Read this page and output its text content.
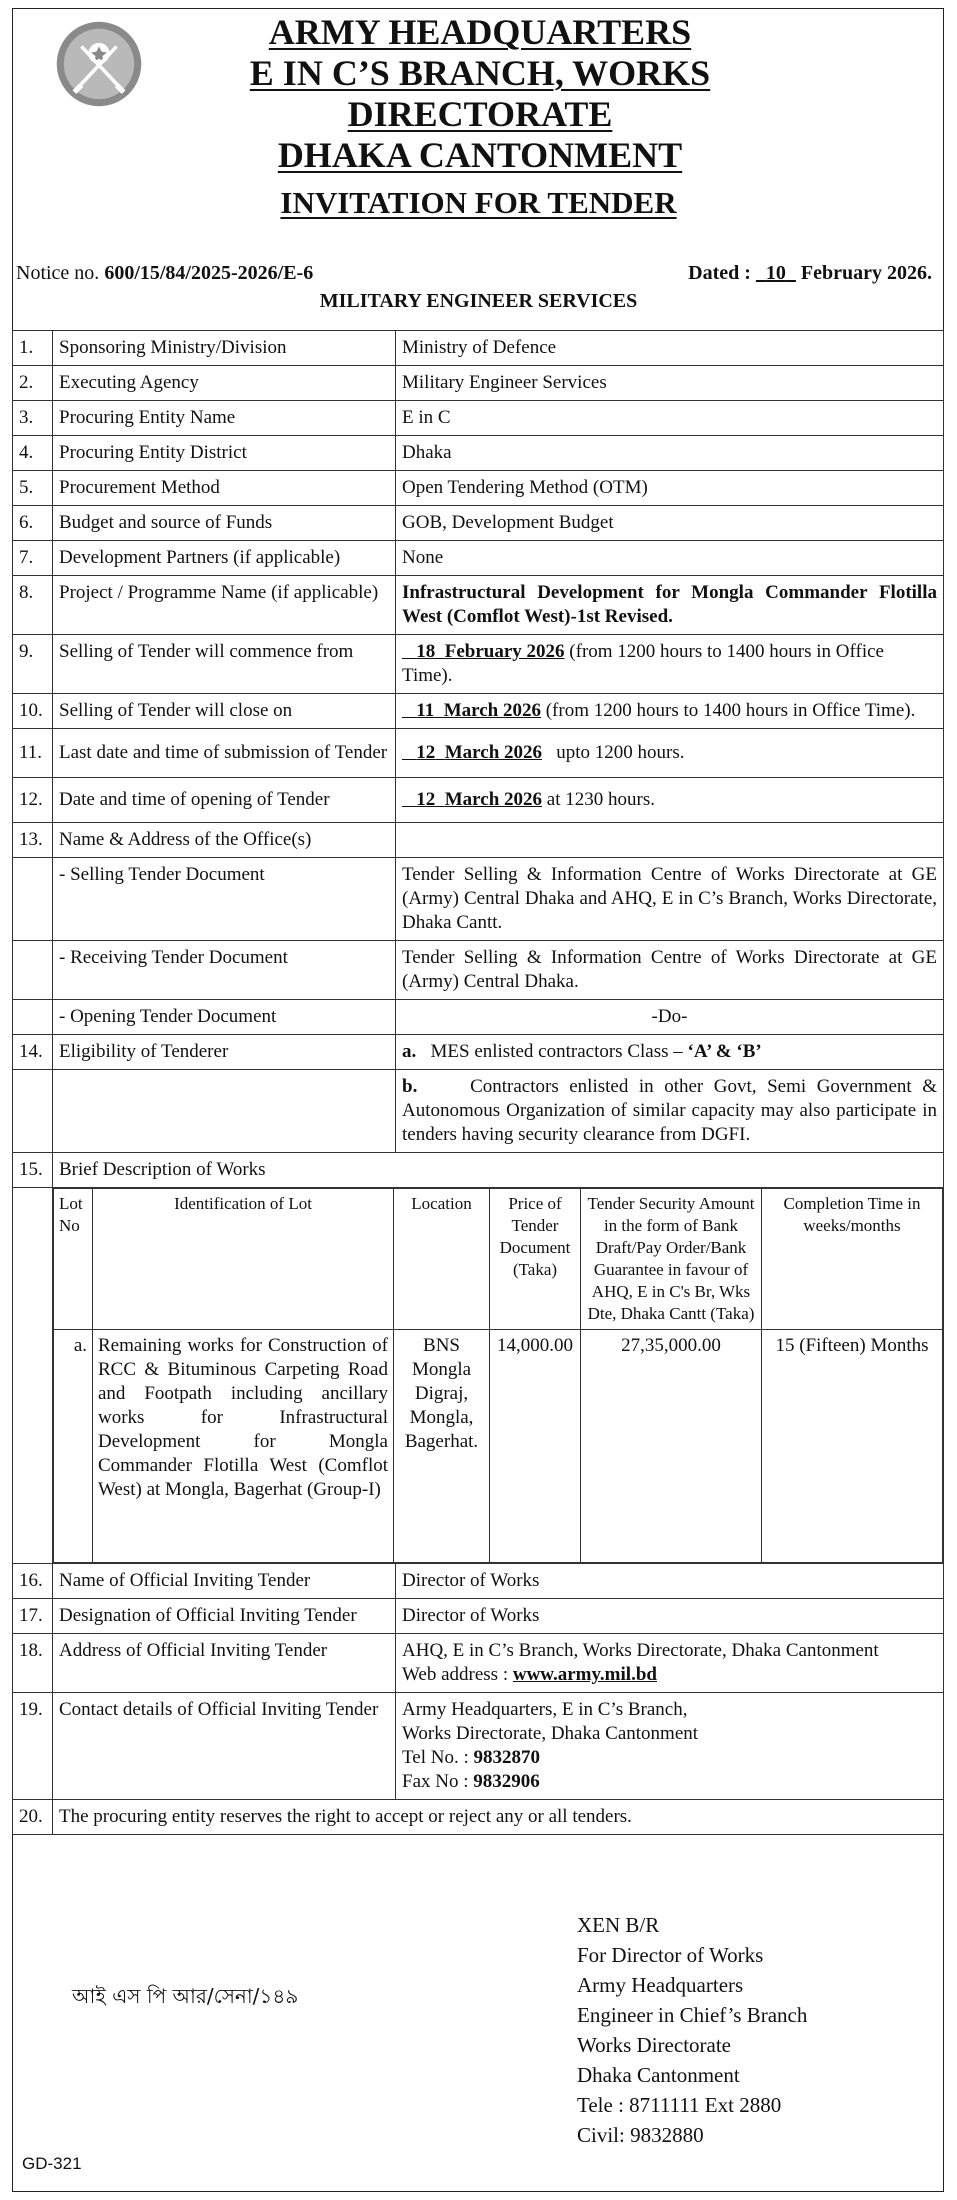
ARMY HEADQUARTERS
E IN C’S BRANCH, WORKS DIRECTORATE
DHAKA CANTONMENT
INVITATION FOR TENDER
Notice no. 600/15/84/2025-2026/E-6	Dated : 10 February 2026.
MILITARY ENGINEER SERVICES
1.	Sponsoring Ministry/Division	Ministry of Defence
2.	Executing Agency	Military Engineer Services
3.	Procuring Entity Name	E in C
4.	Procuring Entity District	Dhaka
5.	Procurement Method	Open Tendering Method (OTM)
6.	Budget and source of Funds	GOB, Development Budget
7.	Development Partners (if applicable)	None
8.	Project / Programme Name (if applicable)	Infrastructural Development for Mongla Commander Flotilla West (Comflot West)-1st Revised.
9.	Selling of Tender will commence from	18 February 2026 (from 1200 hours to 1400 hours in Office Time).
10.	Selling of Tender will close on	11 March 2026 (from 1200 hours to 1400 hours in Office Time).
11.	Last date and time of submission of Tender	12 March 2026 upto 1200 hours.
12.	Date and time of opening of Tender	12 March 2026 at 1230 hours.
13.	Name & Address of the Office(s)	
	- Selling Tender Document	Tender Selling & Information Centre of Works Directorate at GE (Army) Central Dhaka and AHQ, E in C’s Branch, Works Directorate, Dhaka Cantt.
	- Receiving Tender Document	Tender Selling & Information Centre of Works Directorate at GE (Army) Central Dhaka.
	- Opening Tender Document	-Do-
14.	Eligibility of Tenderer	a. MES enlisted contractors Class – ‘A’ & ‘B’
		b.	Contractors enlisted in other Govt, Semi Government & Autonomous Organization of similar capacity may also participate in tenders having security clearance from DGFI.
15.	Brief Description of Works

Lot No	Identification of Lot	Location	Price of Tender Document (Taka)	Tender Security Amount in the form of Bank Draft/Pay Order/Bank Guarantee in favour of AHQ, E in C's Br, Wks Dte, Dhaka Cantt (Taka)	Completion Time in weeks/months
a.	Remaining works for Construction of RCC & Bituminous Carpeting Road and Footpath including ancillary works for Infrastructural Development for Mongla Commander Flotilla West (Comflot West) at Mongla, Bagerhat (Group-I)	BNS Mongla Digraj, Mongla, Bagerhat.	14,000.00	27,35,000.00	15 (Fifteen) Months

16.	Name of Official Inviting Tender	Director of Works
17.	Designation of Official Inviting Tender	Director of Works
18.	Address of Official Inviting Tender	AHQ, E in C’s Branch, Works Directorate, Dhaka Cantonment
Web address : www.army.mil.bd

19.	Contact details of Official Inviting Tender	Army Headquarters, E in C’s Branch,
Works Directorate, Dhaka Cantonment
Tel No. : 9832870
Fax No : 9832906

20.	The procuring entity reserves the right to accept or reject any or all tenders.
XEN B/R
For Director of Works
Army Headquarters
Engineer in Chief’s Branch
Works Directorate
Dhaka Cantonment
Tele : 8711111 Ext 2880
Civil: 9832880
আই এস পি আর/সেনা/১৪৯
GD-321
